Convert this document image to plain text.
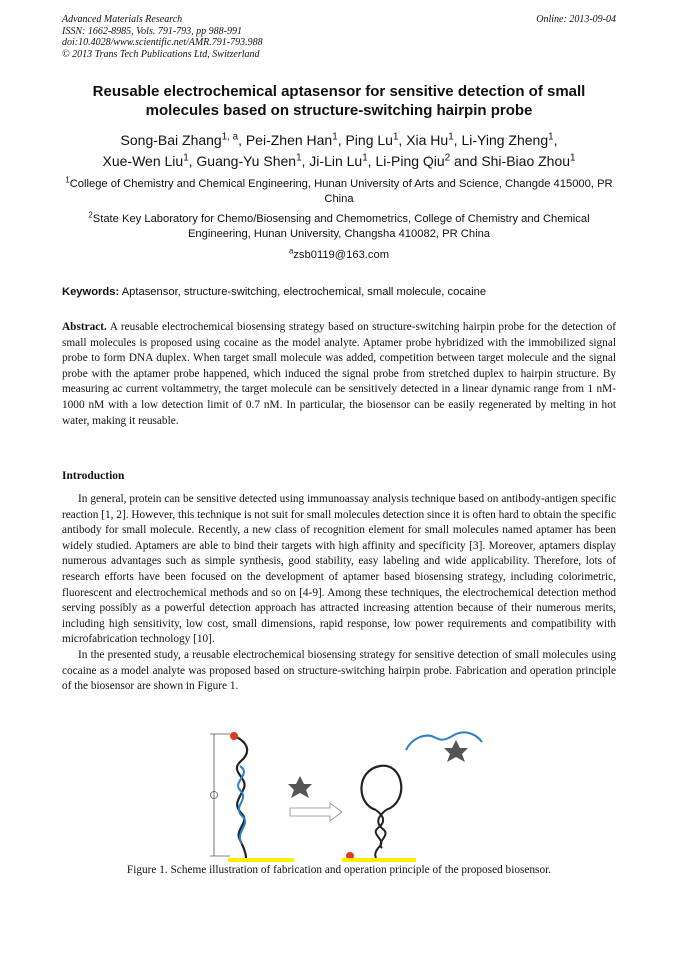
Advanced Materials Research
ISSN: 1662-8985, Vols. 791-793, pp 988-991
doi:10.4028/www.scientific.net/AMR.791-793.988
© 2013 Trans Tech Publications Ltd, Switzerland
Online: 2013-09-04
Reusable electrochemical aptasensor for sensitive detection of small molecules based on structure-switching hairpin probe
Song-Bai Zhang$^{1, a}$, Pei-Zhen Han$^1$, Ping Lu$^1$, Xia Hu$^1$, Li-Ying Zheng$^1$,
Xue-Wen Liu$^1$, Guang-Yu Shen$^1$, Ji-Lin Lu$^1$, Li-Ping Qiu$^2$ and Shi-Biao Zhou$^1$
$^1$College of Chemistry and Chemical Engineering, Hunan University of Arts and Science, Changde 415000, PR China
$^2$State Key Laboratory for Chemo/Biosensing and Chemometrics, College of Chemistry and Chemical Engineering, Hunan University, Changsha 410082, PR China
$^a$zsb0119@163.com
Keywords: Aptasensor, structure-switching, electrochemical, small molecule, cocaine
Abstract. A reusable electrochemical biosensing strategy based on structure-switching hairpin probe for the detection of small molecules is proposed using cocaine as the model analyte. Aptamer probe hybridized with the immobilized signal probe to form DNA duplex. When target small molecule was added, competition between target molecule and the signal probe with the aptamer probe happened, which induced the signal probe from stretched duplex to hairpin structure. By measuring ac current voltammetry, the target molecule can be sensitively detected in a linear dynamic range from 1 nM-1000 nM with a low detection limit of 0.7 nM. In particular, the biosensor can be easily regenerated by melting in hot water, making it reusable.
Introduction

In general, protein can be sensitive detected using immunoassay analysis technique based on antibody-antigen specific reaction [1, 2]. However, this technique is not suit for small molecules detection since it is often hard to obtain the specific antibody for small molecule. Recently, a new class of recognition element for small molecules named aptamer has been widely studied. Aptamers are able to bind their targets with high affinity and specificity [3]. Moreover, aptamers display numerous advantages such as simple synthesis, good stability, easy labeling and wide applicability. Therefore, lots of research efforts have been focused on the development of aptamer based biosensing strategy, including colorimetric, fluorescent and electrochemical methods and so on [4-9]. Among these techniques, the electrochemical detection method serving possibly as a powerful detection approach has attracted increasing attention because of their numerous merits, including high sensitivity, low cost, small dimensions, rapid response, low power requirements and compatibility with microfabrication technology [10].

In the presented study, a reusable electrochemical biosensing strategy for sensitive detection of small molecules using cocaine as a model analyte was proposed based on structure-switching hairpin probe. Fabrication and operation principle of the biosensor are shown in Figure 1.

Figure 1. Scheme illustration of fabrication and operation principle of the proposed biosensor.
